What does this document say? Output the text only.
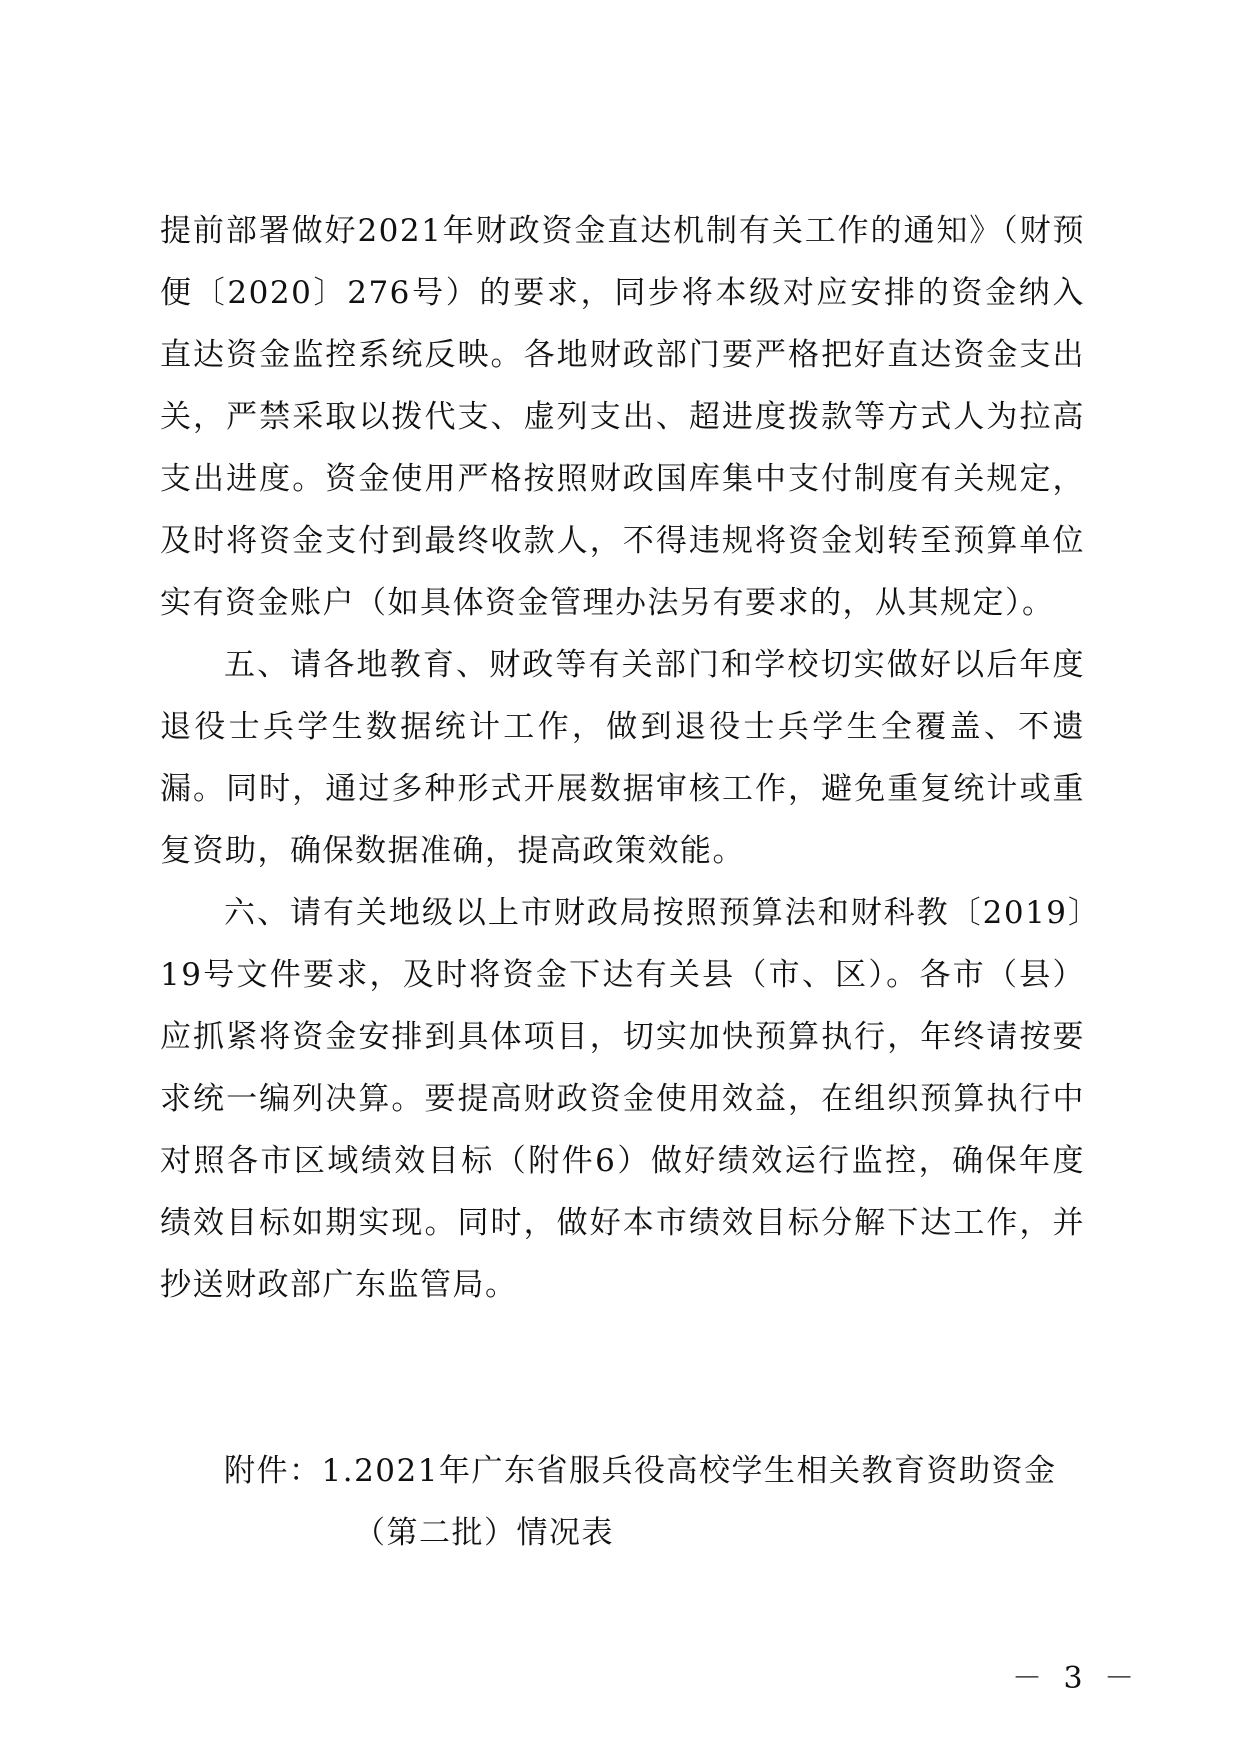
提前部署做好2021年财政资金直达机制有关工作的通知》（财预便〔2020〕276号）的要求，同步将本级对应安排的资金纳入直达资金监控系统反映。各地财政部门要严格把好直达资金支出关，严禁采取以拨代支、虚列支出、超进度拨款等方式人为拉高支出进度。资金使用严格按照财政国库集中支付制度有关规定，及时将资金支付到最终收款人，不得违规将资金划转至预算单位实有资金账户（如具体资金管理办法另有要求的，从其规定）。

五、请各地教育、财政等有关部门和学校切实做好以后年度退役士兵学生数据统计工作，做到退役士兵学生全覆盖、不遗漏。同时，通过多种形式开展数据审核工作，避免重复统计或重复资助，确保数据准确，提高政策效能。

六、请有关地级以上市财政局按照预算法和财科教〔2019〕19号文件要求，及时将资金下达有关县（市、区）。各市（县）应抓紧将资金安排到具体项目，切实加快预算执行，年终请按要求统一编列决算。要提高财政资金使用效益，在组织预算执行中对照各市区域绩效目标（附件6）做好绩效运行监控，确保年度绩效目标如期实现。同时，做好本市绩效目标分解下达工作，并抄送财政部广东监管局。

附件：1.2021年广东省服兵役高校学生相关教育资助资金

（第二批）情况表

－ 3 －
